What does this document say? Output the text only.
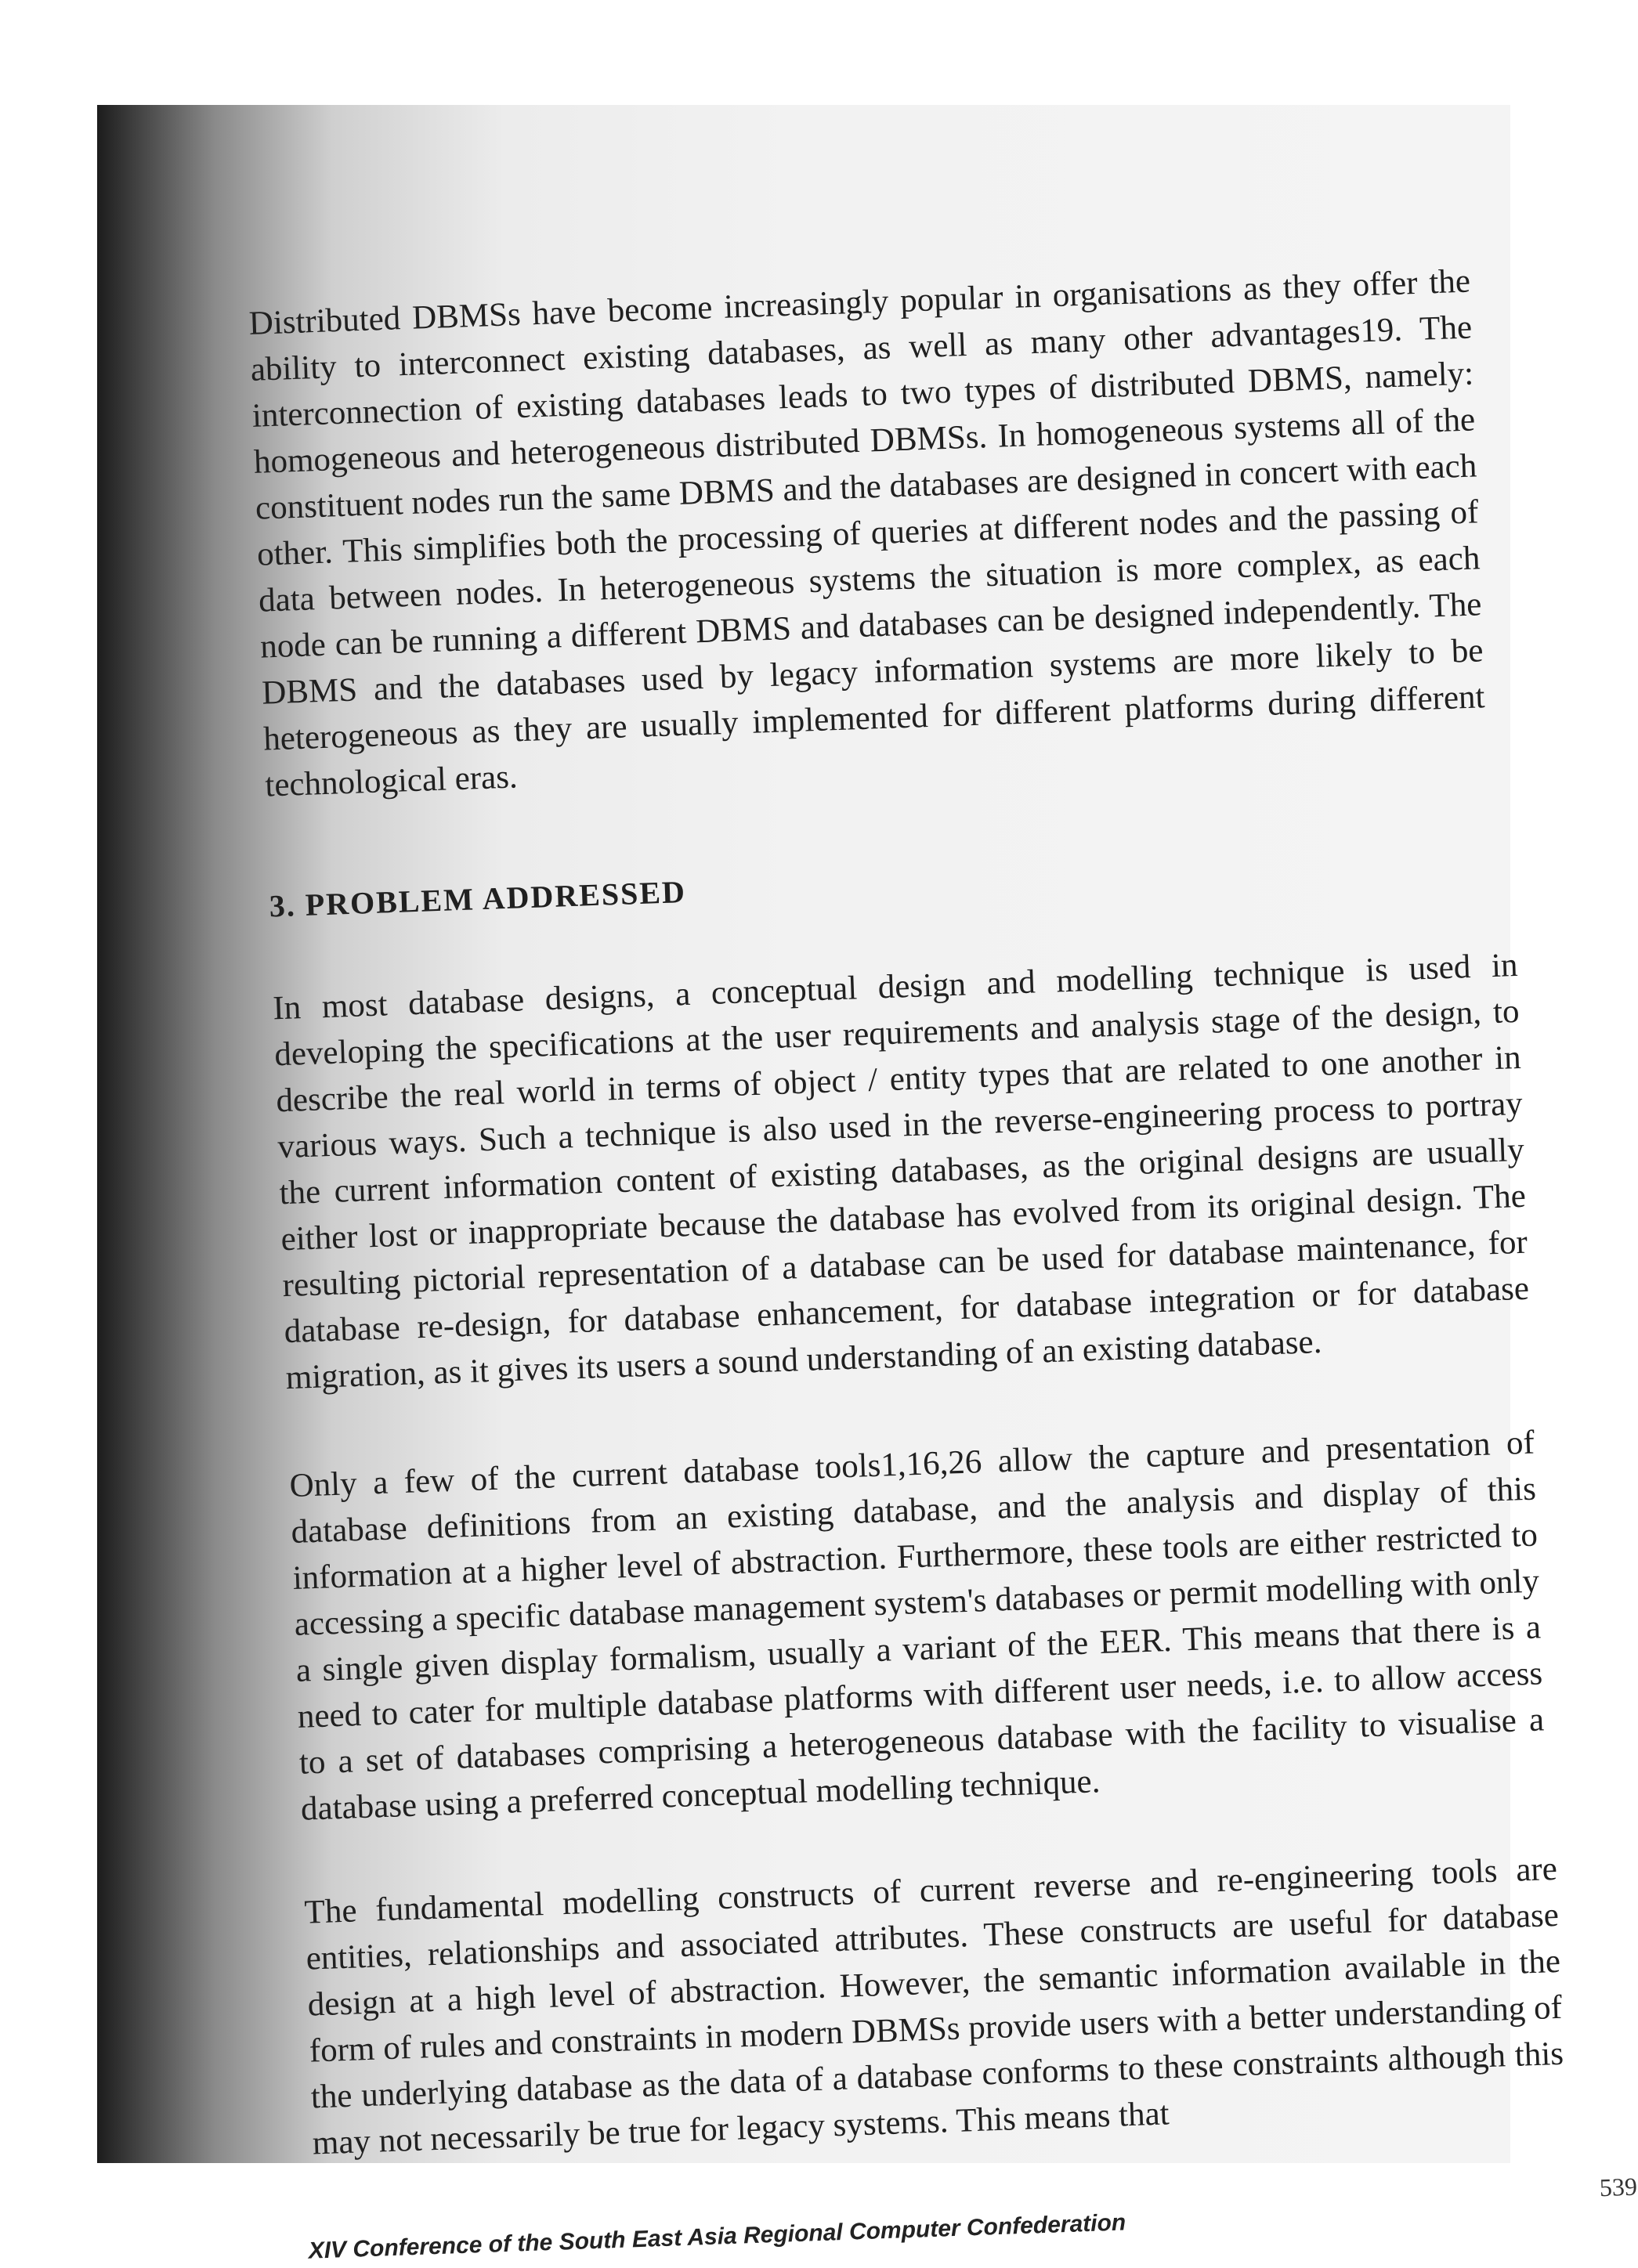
Distributed DBMSs have become increasingly popular in organisations as they offer the ability to interconnect existing databases, as well as many other advantages19. The interconnection of existing databases leads to two types of distributed DBMS, namely: homogeneous and heterogeneous distributed DBMSs. In homogeneous systems all of the constituent nodes run the same DBMS and the databases are designed in concert with each other. This simplifies both the processing of queries at different nodes and the passing of data between nodes. In heterogeneous systems the situation is more complex, as each node can be running a different DBMS and databases can be designed independently. The DBMS and the databases used by legacy information systems are more likely to be heterogeneous as they are usually implemented for different platforms during different technological eras.

3. PROBLEM ADDRESSED

In most database designs, a conceptual design and modelling technique is used in developing the specifications at the user requirements and analysis stage of the design, to describe the real world in terms of object / entity types that are related to one another in various ways. Such a technique is also used in the reverse-engineering process to portray the current information content of existing databases, as the original designs are usually either lost or inappropriate because the database has evolved from its original design. The resulting pictorial representation of a database can be used for database maintenance, for database re-design, for database enhancement, for database integration or for database migration, as it gives its users a sound understanding of an existing database.

Only a few of the current database tools1,16,26 allow the capture and presentation of database definitions from an existing database, and the analysis and display of this information at a higher level of abstraction. Furthermore, these tools are either restricted to accessing a specific database management system's databases or permit modelling with only a single given display formalism, usually a variant of the EER. This means that there is a need to cater for multiple database platforms with different user needs, i.e. to allow access to a set of databases comprising a heterogeneous database with the facility to visualise a database using a preferred conceptual modelling technique.

The fundamental modelling constructs of current reverse and re-engineering tools are entities, relationships and associated attributes. These constructs are useful for database design at a high level of abstraction. However, the semantic information available in the form of rules and constraints in modern DBMSs provide users with a better understanding of the underlying database as the data of a database conforms to these constraints although this may not necessarily be true for legacy systems. This means that

XIV Conference of the South East Asia Regional Computer Confederation
539
